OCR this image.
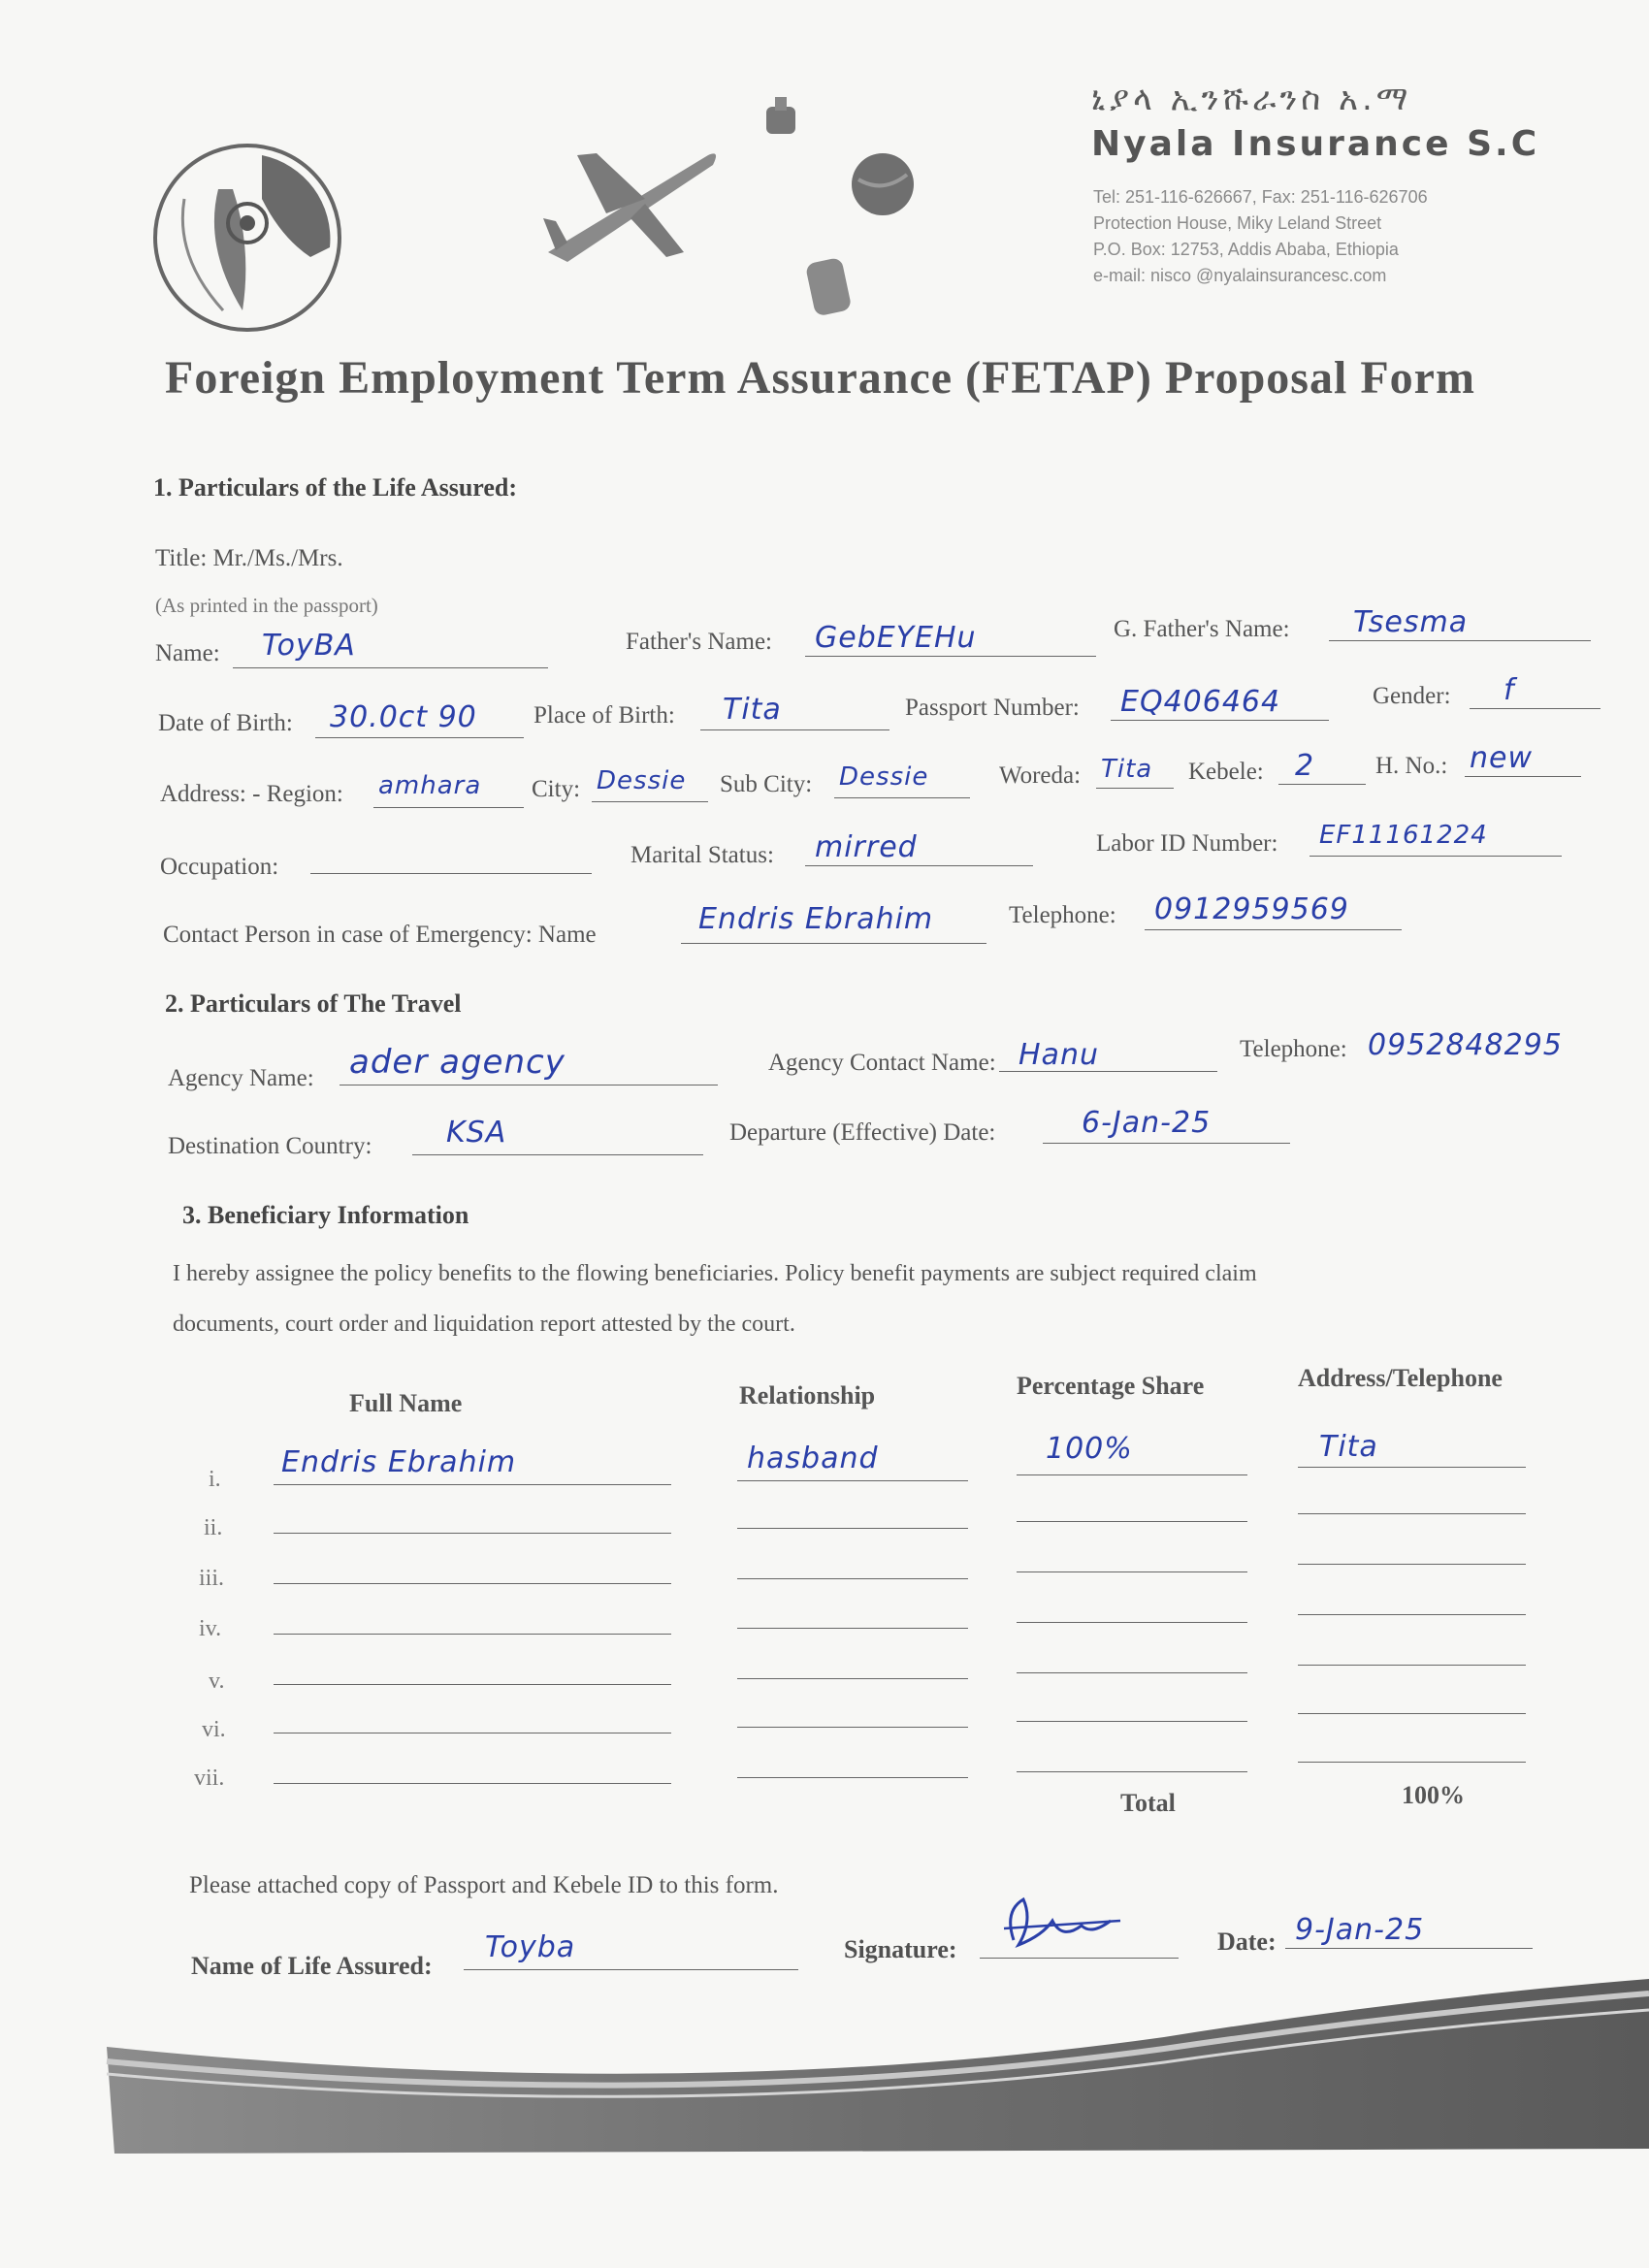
ኒያላ ኢንሹራንስ አ.ማ
Nyala Insurance S.C
Tel: 251-116-626667, Fax: 251-116-626706
Protection House, Miky Leland Street
P.O. Box: 12753, Addis Ababa, Ethiopia
e-mail: nisco @nyalainsurancesc.com
Foreign Employment Term Assurance (FETAP) Proposal Form
1. Particulars of the Life Assured:
Title: Mr./Ms./Mrs.
(As printed in the passport)
Name: ToyBA	Father's Name: GebEYEHu	G. Father's Name: Tsesma
Date of Birth: 30.0ct 90 Place of Birth: Tita	Passport Number: EQ406464	Gender: f
Address: - Region: amhara City: Dessie Sub City: Dessie	Woreda: Tita Kebele: 2	H. No.: new
Occupation:	Marital Status: mirred	Labor ID Number: EF11161224
Contact Person in case of Emergency: Name	Endris Ebrahim	Telephone: 0912959569
2. Particulars of The Travel
Agency Name: ader agency	Agency Contact Name: Hanu	Telephone: 0952848295
Destination Country:	KSA	Departure (Effective) Date:	6-Jan-25
3. Beneficiary Information
I hereby assignee the policy benefits to the flowing beneficiaries. Policy benefit payments are subject required claim
documents, court order and liquidation report attested by the court.
Full Name	Relationship	Percentage Share	Address/Telephone
i. Endris Ebrahim	hasband	100%	Tita
ii.
iii.
iv.
v.
vi.
vii.
Total	100%
Please attached copy of Passport and Kebele ID to this form.
Name of Life Assured:
Toyba	Signature:	Date: 9-Jan-25
